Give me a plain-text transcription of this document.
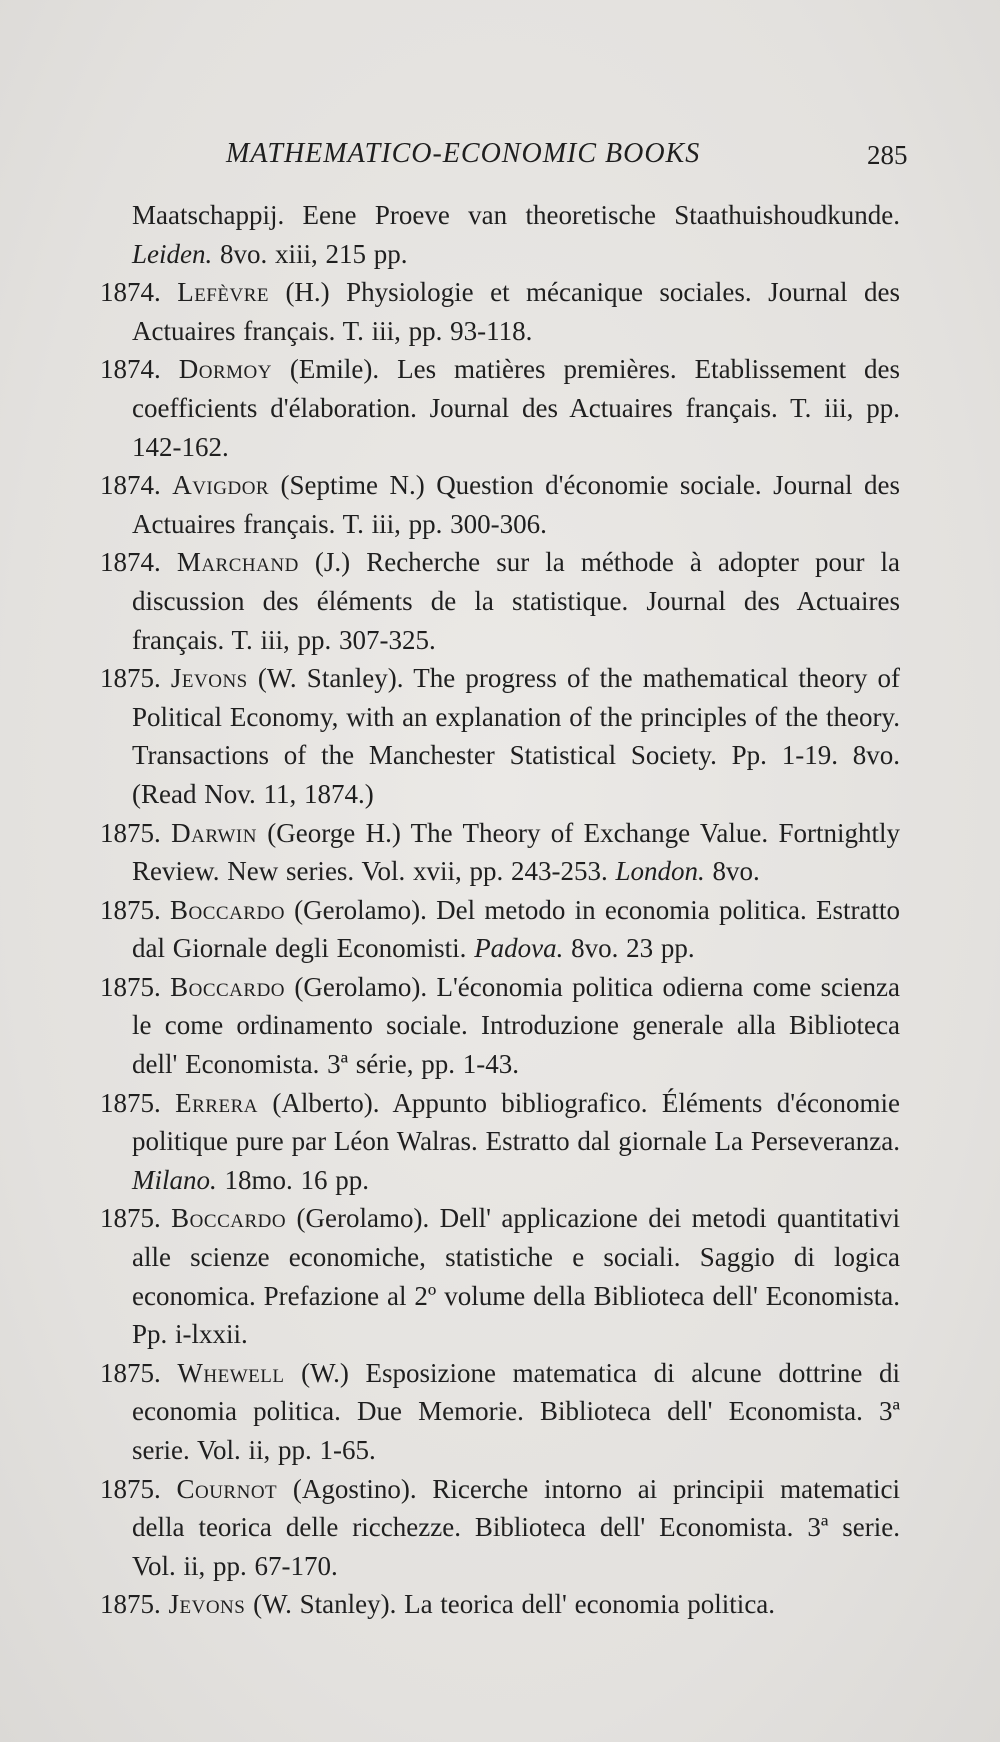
MATHEMATICO-ECONOMIC BOOKS	285

Maatschappij. Eene Proeve van theoretische Staathuishoudkunde. Leiden. 8vo. xiii, 215 pp.

1874. Lefèvre (H.) Physiologie et mécanique sociales. Journal des Actuaires français. T. iii, pp. 93-118.

1874. Dormoy (Emile). Les matières premières. Etablissement des coefficients d'élaboration. Journal des Actuaires français. T. iii, pp. 142-162.

1874. Avigdor (Septime N.) Question d'économie sociale. Journal des Actuaires français. T. iii, pp. 300-306.

1874. Marchand (J.) Recherche sur la méthode à adopter pour la discussion des éléments de la statistique. Journal des Actuaires français. T. iii, pp. 307-325.

1875. Jevons (W. Stanley). The progress of the mathematical theory of Political Economy, with an explanation of the principles of the theory. Transactions of the Manchester Statistical Society. Pp. 1-19. 8vo. (Read Nov. 11, 1874.)

1875. Darwin (George H.) The Theory of Exchange Value. Fortnightly Review. New series. Vol. xvii, pp. 243-253. London. 8vo.

1875. Boccardo (Gerolamo). Del metodo in economia politica. Estratto dal Giornale degli Economisti. Padova. 8vo. 23 pp.

1875. Boccardo (Gerolamo). L'économia politica odierna come scienza le come ordinamento sociale. Introduzione generale alla Biblioteca dell' Economista. 3ª série, pp. 1-43.

1875. Errera (Alberto). Appunto bibliografico. Éléments d'économie politique pure par Léon Walras. Estratto dal giornale La Perseveranza. Milano. 18mo. 16 pp.

1875. Boccardo (Gerolamo). Dell' applicazione dei metodi quantitativi alle scienze economiche, statistiche e sociali. Saggio di logica economica. Prefazione al 2º volume della Biblioteca dell' Economista. Pp. i-lxxii.

1875. Whewell (W.) Esposizione matematica di alcune dottrine di economia politica. Due Memorie. Biblioteca dell' Economista. 3ª serie. Vol. ii, pp. 1-65.

1875. Cournot (Agostino). Ricerche intorno ai principii matematici della teorica delle ricchezze. Biblioteca dell' Economista. 3ª serie. Vol. ii, pp. 67-170.

1875. Jevons (W. Stanley). La teorica dell' economia politica.
